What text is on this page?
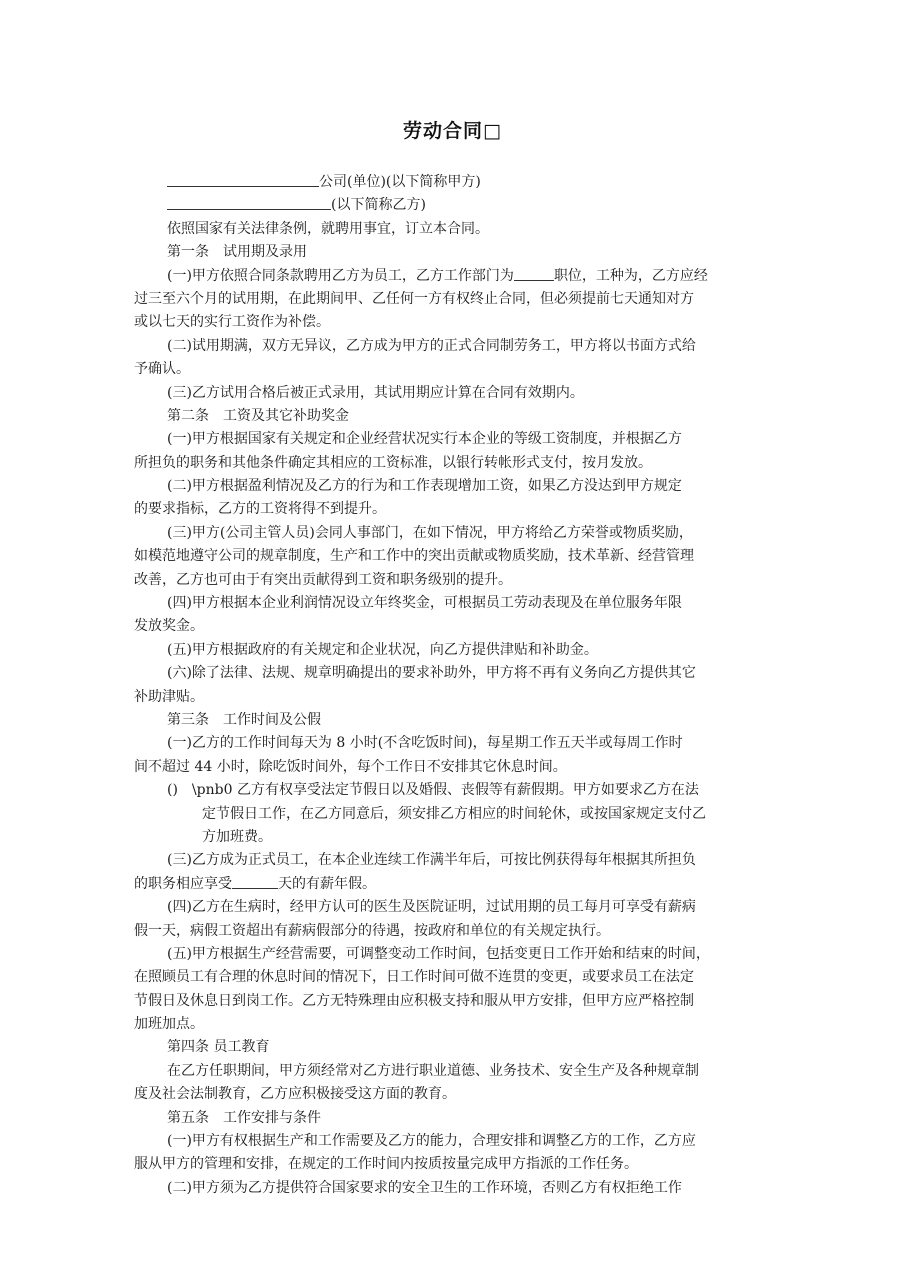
劳动合同□
公司(单位)(以下简称甲方)
(以下简称乙方)
依照国家有关法律条例，就聘用事宜，订立本合同。
第一条　试用期及录用
(一)甲方依照合同条款聘用乙方为员工，乙方工作部门为	职位，工种为，乙方应经
过三至六个月的试用期，在此期间甲、乙任何一方有权终止合同，但必须提前七天通知对方
或以七天的实行工资作为补偿。
(二)试用期满，双方无异议，乙方成为甲方的正式合同制劳务工，甲方将以书面方式给
予确认。
(三)乙方试用合格后被正式录用，其试用期应计算在合同有效期内。
第二条　工资及其它补助奖金
(一)甲方根据国家有关规定和企业经营状况实行本企业的等级工资制度，并根据乙方
所担负的职务和其他条件确定其相应的工资标准，以银行转帐形式支付，按月发放。
(二)甲方根据盈利情况及乙方的行为和工作表现增加工资，如果乙方没达到甲方规定
的要求指标，乙方的工资将得不到提升。
(三)甲方(公司主管人员)会同人事部门，在如下情况，甲方将给乙方荣誉或物质奖励，
如模范地遵守公司的规章制度，生产和工作中的突出贡献或物质奖励，技术革新、经营管理
改善，乙方也可由于有突出贡献得到工资和职务级别的提升。
(四)甲方根据本企业利润情况设立年终奖金，可根据员工劳动表现及在单位服务年限
发放奖金。
(五)甲方根据政府的有关规定和企业状况，向乙方提供津贴和补助金。
(六)除了法律、法规、规章明确提出的要求补助外，甲方将不再有义务向乙方提供其它
补助津贴。
第三条　工作时间及公假
(一)乙方的工作时间每天为 8 小时(不含吃饭时间)，每星期工作五天半或每周工作时
间不超过 44 小时，除吃饭时间外，每个工作日不安排其它休息时间。
()　\pnb0 乙方有权享受法定节假日以及婚假、丧假等有薪假期。甲方如要求乙方在法
定节假日工作，在乙方同意后，须安排乙方相应的时间轮休，或按国家规定支付乙
方加班费。
(三)乙方成为正式员工，在本企业连续工作满半年后，可按比例获得每年根据其所担负
的职务相应享受	天的有薪年假。
(四)乙方在生病时，经甲方认可的医生及医院证明，过试用期的员工每月可享受有薪病
假一天，病假工资超出有薪病假部分的待遇，按政府和单位的有关规定执行。
(五)甲方根据生产经营需要，可调整变动工作时间，包括变更日工作开始和结束的时间，
在照顾员工有合理的休息时间的情况下，日工作时间可做不连贯的变更，或要求员工在法定
节假日及休息日到岗工作。乙方无特殊理由应积极支持和服从甲方安排，但甲方应严格控制
加班加点。
第四条 员工教育
在乙方任职期间，甲方须经常对乙方进行职业道德、业务技术、安全生产及各种规章制
度及社会法制教育，乙方应积极接受这方面的教育。
第五条　工作安排与条件
(一)甲方有权根据生产和工作需要及乙方的能力，合理安排和调整乙方的工作，乙方应
服从甲方的管理和安排，在规定的工作时间内按质按量完成甲方指派的工作任务。
(二)甲方须为乙方提供符合国家要求的安全卫生的工作环境，否则乙方有权拒绝工作
